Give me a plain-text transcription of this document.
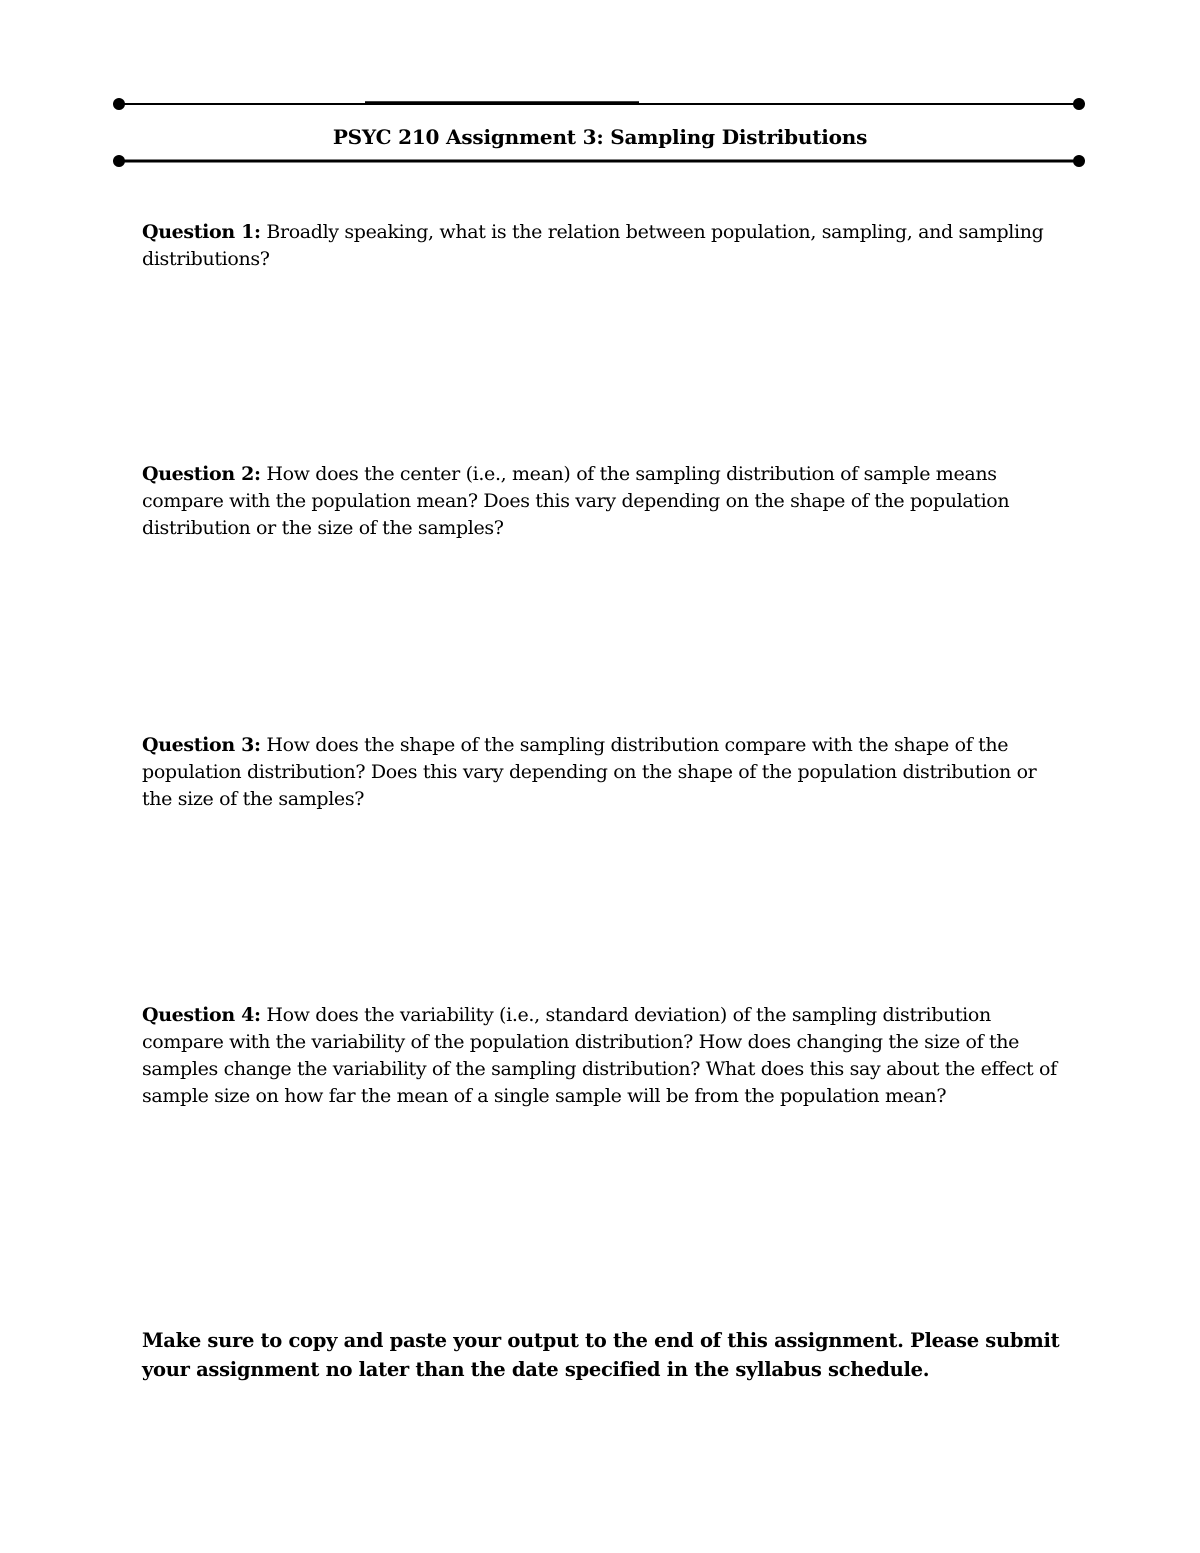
PSYC 210 Assignment 3: Sampling Distributions
Question 1: Broadly speaking, what is the relation between population, sampling, and sampling distributions?
Question 2: How does the center (i.e., mean) of the sampling distribution of sample means compare with the population mean? Does this vary depending on the shape of the population distribution or the size of the samples?
Question 3: How does the shape of the sampling distribution compare with the shape of the population distribution? Does this vary depending on the shape of the population distribution or the size of the samples?
Question 4: How does the variability (i.e., standard deviation) of the sampling distribution compare with the variability of the population distribution? How does changing the size of the samples change the variability of the sampling distribution? What does this say about the effect of sample size on how far the mean of a single sample will be from the population mean?
Make sure to copy and paste your output to the end of this assignment. Please submit your assignment no later than the date specified in the syllabus schedule.
